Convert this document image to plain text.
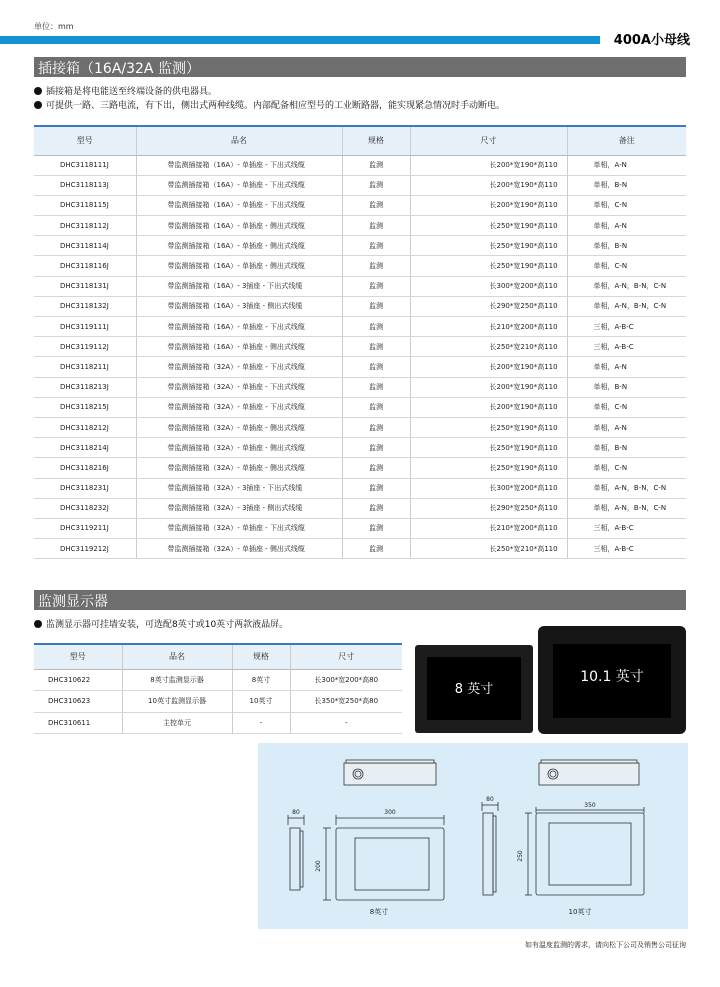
单位：mm
400A小母线
插接箱（16A/32A 监测）
插接箱是将电能送至终端设备的供电器具。
可提供一路、三路电流，有下出，侧出式两种线缆。内部配备相应型号的工业断路器，能实现紧急情况时手动断电。
型号	品名	规格	尺寸	备注
DHC3118111J	带监测插接箱（16A）- 单插座 - 下出式线缆	监测	长200*宽190*高110	单相，A-N
DHC3118113J	带监测插接箱（16A）- 单插座 - 下出式线缆	监测	长200*宽190*高110	单相，B-N
DHC3118115J	带监测插接箱（16A）- 单插座 - 下出式线缆	监测	长200*宽190*高110	单相，C-N
DHC3118112J	带监测插接箱（16A）- 单插座 - 侧出式线缆	监测	长250*宽190*高110	单相，A-N
DHC3118114J	带监测插接箱（16A）- 单插座 - 侧出式线缆	监测	长250*宽190*高110	单相，B-N
DHC3118116J	带监测插接箱（16A）- 单插座 - 侧出式线缆	监测	长250*宽190*高110	单相，C-N
DHC3118131J	带监测插接箱（16A）- 3插座 - 下出式线缆	监测	长300*宽200*高110	单相，A-N，B-N，C-N
DHC3118132J	带监测插接箱（16A）- 3插座 - 侧出式线缆	监测	长290*宽250*高110	单相，A-N，B-N，C-N
DHC3119111J	带监测插接箱（16A）- 单插座 - 下出式线缆	监测	长210*宽200*高110	三相，A-B-C
DHC3119112J	带监测插接箱（16A）- 单插座 - 侧出式线缆	监测	长250*宽210*高110	三相，A-B-C
DHC3118211J	带监测插接箱（32A）- 单插座 - 下出式线缆	监测	长200*宽190*高110	单相，A-N
DHC3118213J	带监测插接箱（32A）- 单插座 - 下出式线缆	监测	长200*宽190*高110	单相，B-N
DHC3118215J	带监测插接箱（32A）- 单插座 - 下出式线缆	监测	长200*宽190*高110	单相，C-N
DHC3118212J	带监测插接箱（32A）- 单插座 - 侧出式线缆	监测	长250*宽190*高110	单相，A-N
DHC3118214J	带监测插接箱（32A）- 单插座 - 侧出式线缆	监测	长250*宽190*高110	单相，B-N
DHC3118216J	带监测插接箱（32A）- 单插座 - 侧出式线缆	监测	长250*宽190*高110	单相，C-N
DHC3118231J	带监测插接箱（32A）- 3插座 - 下出式线缆	监测	长300*宽200*高110	单相，A-N，B-N，C-N
DHC3118232J	带监测插接箱（32A）- 3插座 - 侧出式线缆	监测	长290*宽250*高110	单相，A-N，B-N，C-N
DHC3119211J	带监测插接箱（32A）- 单插座 - 下出式线缆	监测	长210*宽200*高110	三相，A-B-C
DHC3119212J	带监测插接箱（32A）- 单插座 - 侧出式线缆	监测	长250*宽210*高110	三相，A-B-C
监测显示器
监测显示器可挂墙安装，可选配8英寸或10英寸两款液晶屏。
型号	品名	规格	尺寸
DHC310622	8英寸监测显示器	8英寸	长300*宽200*高80
DHC310623	10英寸监测显示器	10英寸	长350*宽250*高80
DHC310611	主控单元	-	-
8 英寸
10.1 英寸
80	300
200
8英寸
80
350
250
10英寸
如有温度监测的需求，请向松下公司及销售公司征询
